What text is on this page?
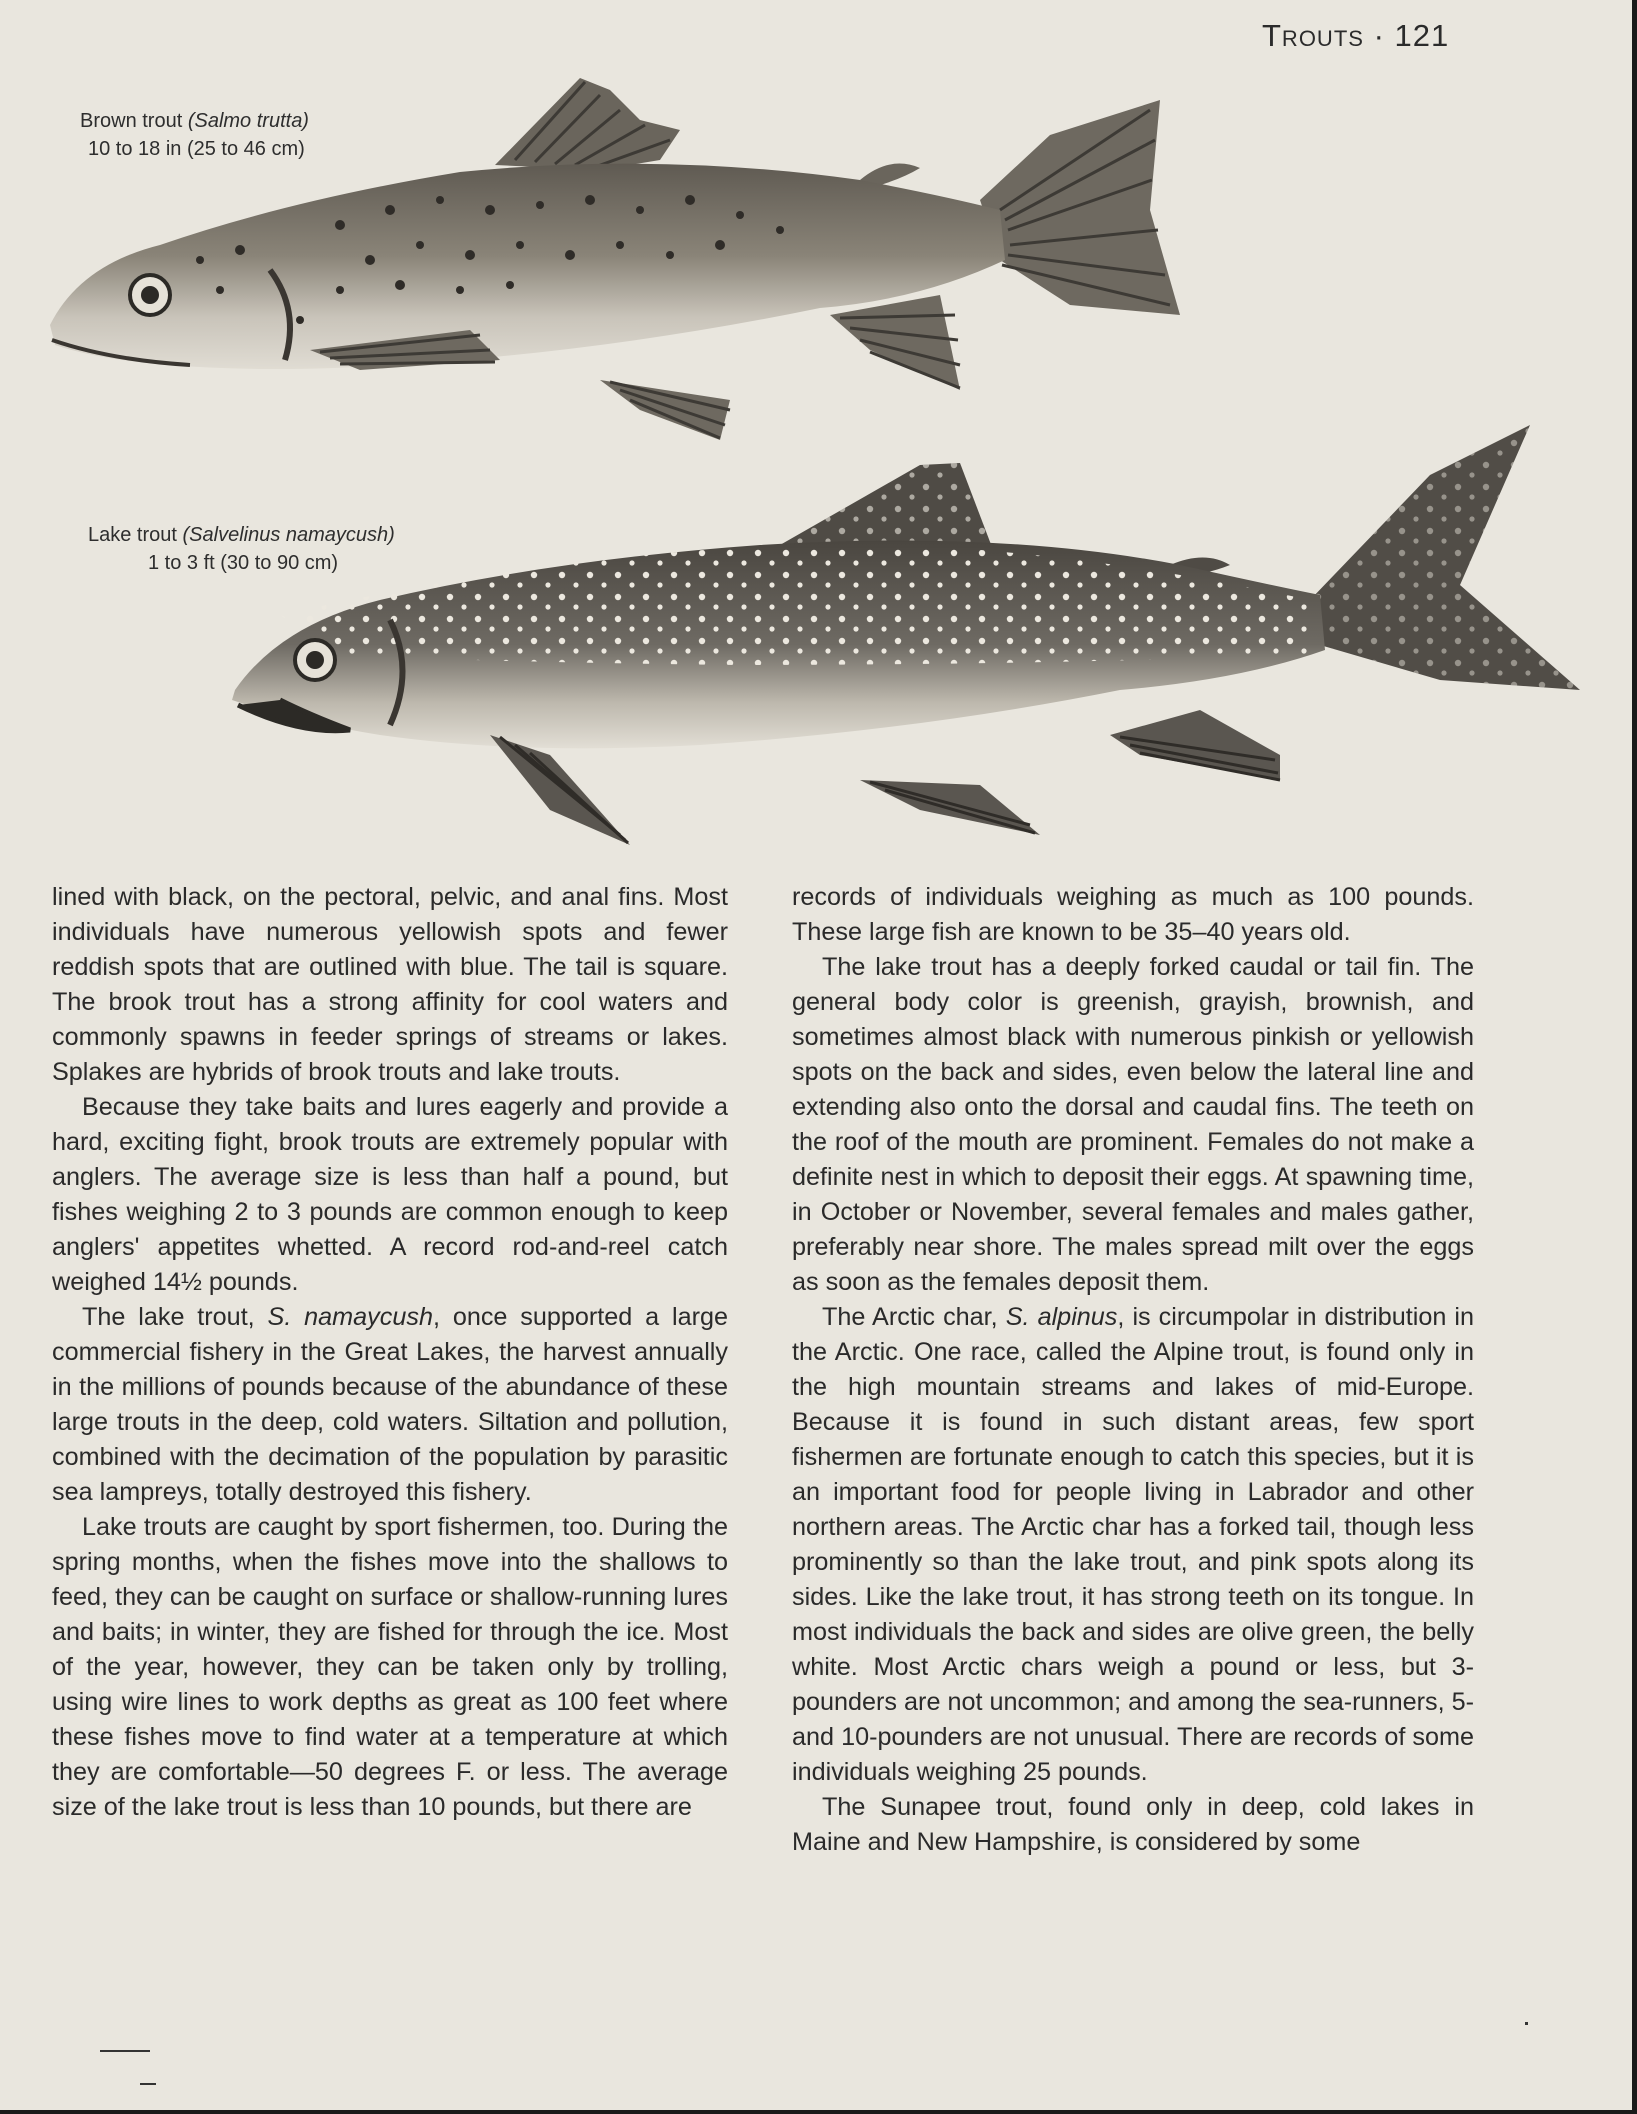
Trouts · 121
Brown trout (Salmo trutta)
10 to 18 in (25 to 46 cm)
Lake trout (Salvelinus namaycush)
1 to 3 ft (30 to 90 cm)

lined with black, on the pectoral, pelvic, and anal fins. Most individuals have numerous yellowish spots and fewer reddish spots that are outlined with blue. The tail is square. The brook trout has a strong affinity for cool waters and commonly spawns in feeder springs of streams or lakes. Splakes are hybrids of brook trouts and lake trouts.

Because they take baits and lures eagerly and provide a hard, exciting fight, brook trouts are extremely popular with anglers. The average size is less than half a pound, but fishes weighing 2 to 3 pounds are common enough to keep anglers' appetites whetted. A record rod-and-reel catch weighed 14½ pounds.

The lake trout, S. namaycush, once supported a large commercial fishery in the Great Lakes, the harvest annually in the millions of pounds because of the abundance of these large trouts in the deep, cold waters. Siltation and pollution, combined with the decimation of the population by parasitic sea lampreys, totally destroyed this fishery.

Lake trouts are caught by sport fishermen, too. During the spring months, when the fishes move into the shallows to feed, they can be caught on surface or shallow-running lures and baits; in winter, they are fished for through the ice. Most of the year, however, they can be taken only by trolling, using wire lines to work depths as great as 100 feet where these fishes move to find water at a temperature at which they are comfortable—50 degrees F. or less. The average size of the lake trout is less than 10 pounds, but there are

records of individuals weighing as much as 100 pounds. These large fish are known to be 35–40 years old.

The lake trout has a deeply forked caudal or tail fin. The general body color is greenish, grayish, brownish, and sometimes almost black with numerous pinkish or yellowish spots on the back and sides, even below the lateral line and extending also onto the dorsal and caudal fins. The teeth on the roof of the mouth are prominent. Females do not make a definite nest in which to deposit their eggs. At spawning time, in October or November, several females and males gather, preferably near shore. The males spread milt over the eggs as soon as the females deposit them.

The Arctic char, S. alpinus, is circumpolar in distribution in the Arctic. One race, called the Alpine trout, is found only in the high mountain streams and lakes of mid-Europe. Because it is found in such distant areas, few sport fishermen are fortunate enough to catch this species, but it is an important food for people living in Labrador and other northern areas. The Arctic char has a forked tail, though less prominently so than the lake trout, and pink spots along its sides. Like the lake trout, it has strong teeth on its tongue. In most individuals the back and sides are olive green, the belly white. Most Arctic chars weigh a pound or less, but 3-pounders are not uncommon; and among the sea-runners, 5- and 10-pounders are not unusual. There are records of some individuals weighing 25 pounds.

The Sunapee trout, found only in deep, cold lakes in Maine and New Hampshire, is considered by some
